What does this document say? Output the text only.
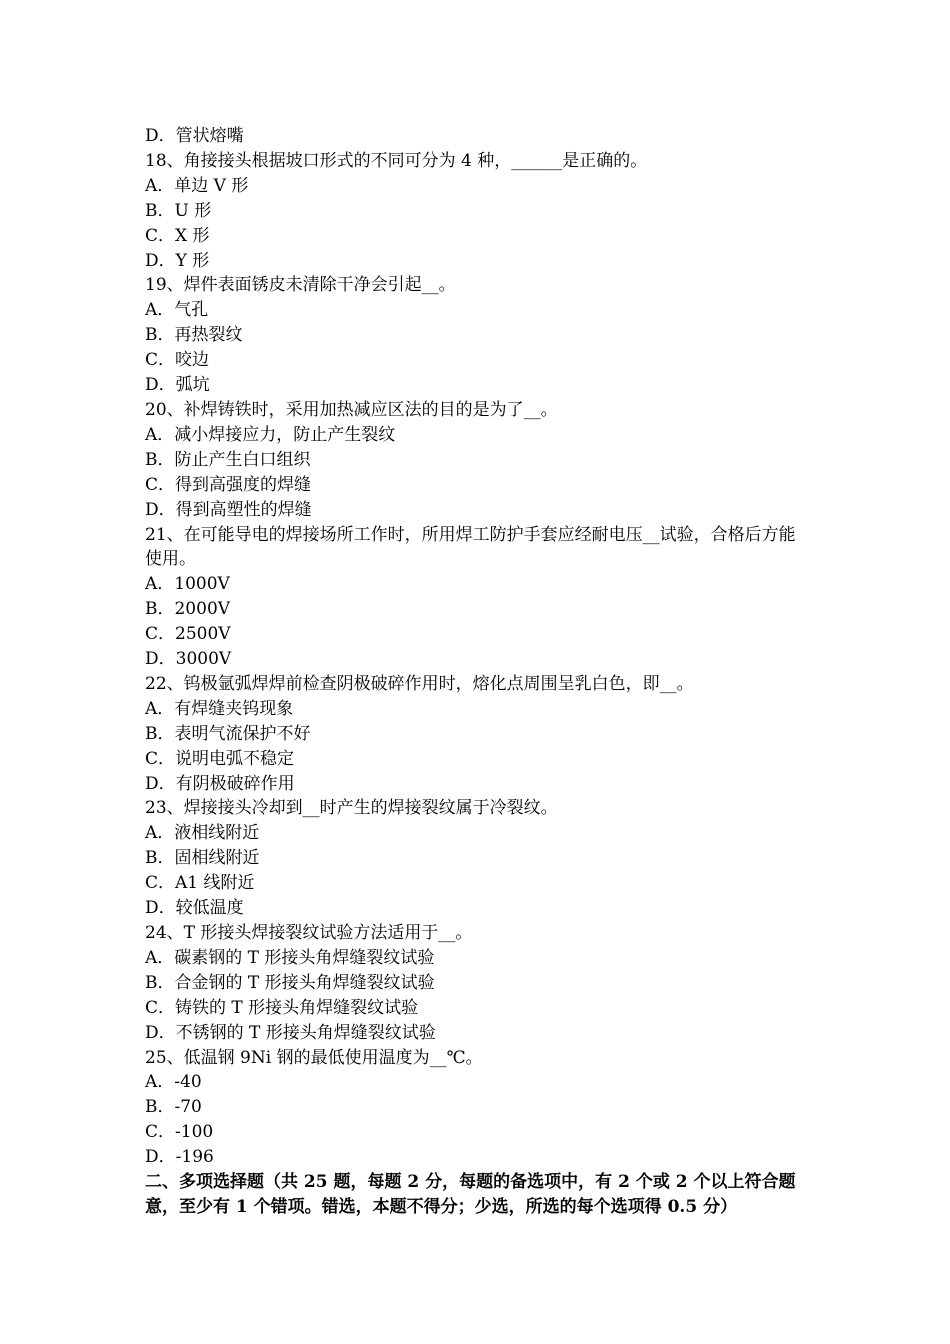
D．管状熔嘴
18、角接接头根据坡口形式的不同可分为 4 种，______是正确的。
A．单边 V 形
B．U 形
C．X 形
D．Y 形
19、焊件表面锈皮未清除干净会引起__。
A．气孔
B．再热裂纹
C．咬边
D．弧坑
20、补焊铸铁时，采用加热减应区法的目的是为了__。
A．减小焊接应力，防止产生裂纹
B．防止产生白口组织
C．得到高强度的焊缝
D．得到高塑性的焊缝
21、在可能导电的焊接场所工作时，所用焊工防护手套应经耐电压__试验，合格后方能使用。
A．1000V
B．2000V
C．2500V
D．3000V
22、钨极氩弧焊焊前检查阴极破碎作用时，熔化点周围呈乳白色，即__。
A．有焊缝夹钨现象
B．表明气流保护不好
C．说明电弧不稳定
D．有阴极破碎作用
23、焊接接头冷却到__时产生的焊接裂纹属于冷裂纹。
A．液相线附近
B．固相线附近
C．A1 线附近
D．较低温度
24、T 形接头焊接裂纹试验方法适用于__。
A．碳素钢的 T 形接头角焊缝裂纹试验
B．合金钢的 T 形接头角焊缝裂纹试验
C．铸铁的 T 形接头角焊缝裂纹试验
D．不锈钢的 T 形接头角焊缝裂纹试验
25、低温钢 9Ni 钢的最低使用温度为__℃。
A．-40
B．-70
C．-100
D．-196
二、多项选择题（共 25 题，每题 2 分，每题的备选项中，有 2 个或 2 个以上符合题意，至少有 1 个错项。错选，本题不得分；少选，所选的每个选项得 0.5 分）
